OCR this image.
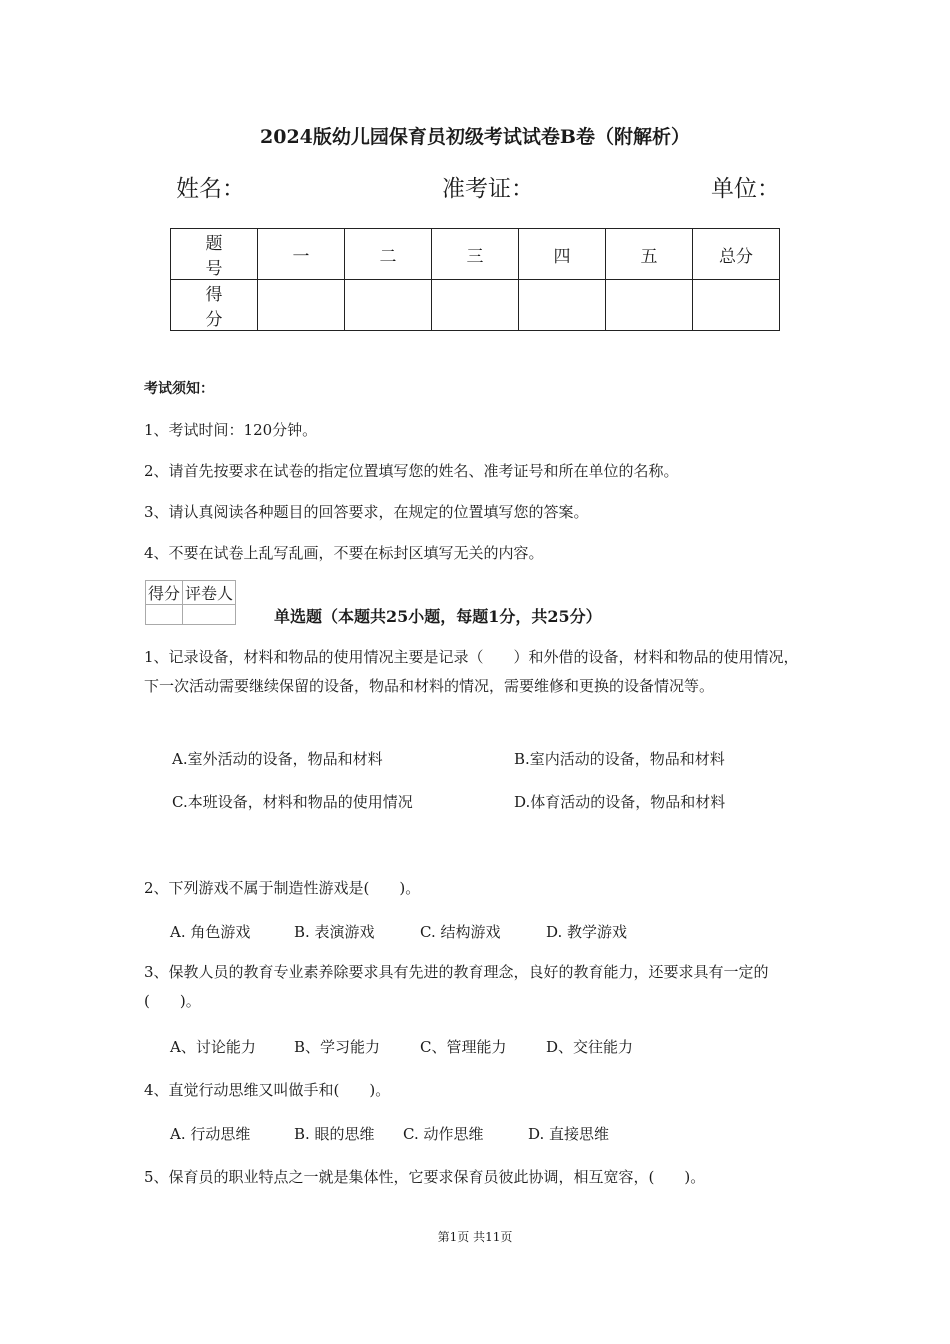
2024版幼儿园保育员初级考试试卷B卷（附解析）
姓名：	准考证：	单位：
题号	一	二	三	四	五	总分
得分						
考试须知：
1、考试时间：120分钟。
2、请首先按要求在试卷的指定位置填写您的姓名、准考证号和所在单位的名称。
3、请认真阅读各种题目的回答要求，在规定的位置填写您的答案。
4、不要在试卷上乱写乱画，不要在标封区填写无关的内容。
得分	评卷人

单选题（本题共25小题，每题1分，共25分）
1、记录设备，材料和物品的使用情况主要是记录（　　）和外借的设备，材料和物品的使用情况，下一次活动需要继续保留的设备，物品和材料的情况，需要维修和更换的设备情况等。
A.室外活动的设备，物品和材料	B.室内活动的设备，物品和材料
C.本班设备，材料和物品的使用情况	D.体育活动的设备，物品和材料
2、下列游戏不属于制造性游戏是(　　)。
A. 角色游戏	B. 表演游戏	C. 结构游戏	D. 教学游戏
3、保教人员的教育专业素养除要求具有先进的教育理念，良好的教育能力，还要求具有一定的(　　)。
A、讨论能力	B、学习能力	C、管理能力	D、交往能力
4、直觉行动思维又叫做手和(　　)。
A. 行动思维	B. 眼的思维 C. 动作思维	D. 直接思维
5、保育员的职业特点之一就是集体性，它要求保育员彼此协调，相互宽容，(　　)。
第1页 共11页
